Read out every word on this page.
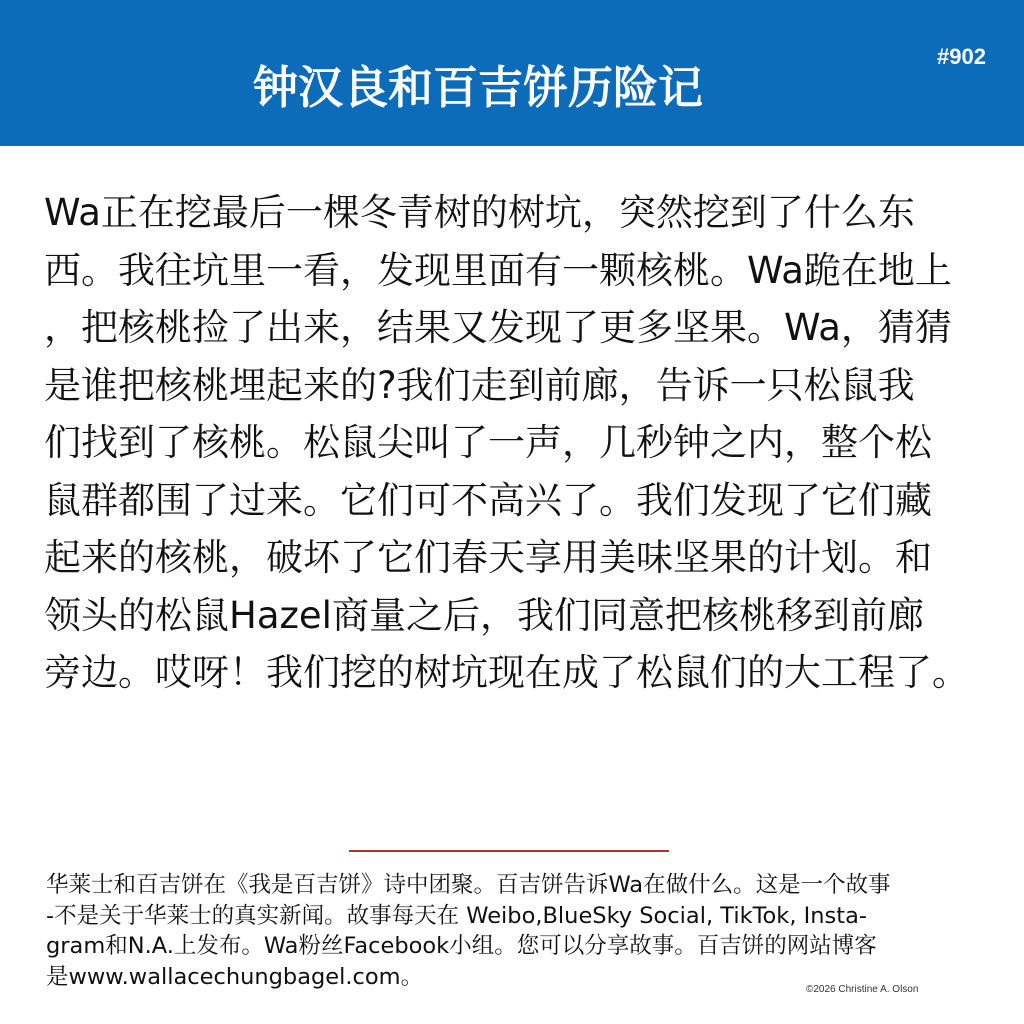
钟汉良和百吉饼历险记
#902
Wa正在挖最后一棵冬青树的树坑，突然挖到了什么东
西。我往坑里一看，发现里面有一颗核桃。Wa跪在地上
，把核桃捡了出来，结果又发现了更多坚果。Wa，猜猜
是谁把核桃埋起来的?我们走到前廊，告诉一只松鼠我
们找到了核桃。松鼠尖叫了一声，几秒钟之内，整个松
鼠群都围了过来。它们可不高兴了。我们发现了它们藏
起来的核桃，破坏了它们春天享用美味坚果的计划。和
领头的松鼠Hazel商量之后，我们同意把核桃移到前廊
旁边。哎呀！我们挖的树坑现在成了松鼠们的大工程了。
华莱士和百吉饼在《我是百吉饼》诗中团聚。百吉饼告诉Wa在做什么。这是一个故事
-不是关于华莱士的真实新闻。故事每天在 Weibo,BlueSky Social, TikTok, Insta-
gram和N.A.上发布。Wa粉丝Facebook小组。您可以分享故事。百吉饼的网站博客
是www.wallacechungbagel.com。	©2026 Christine A. Olson
